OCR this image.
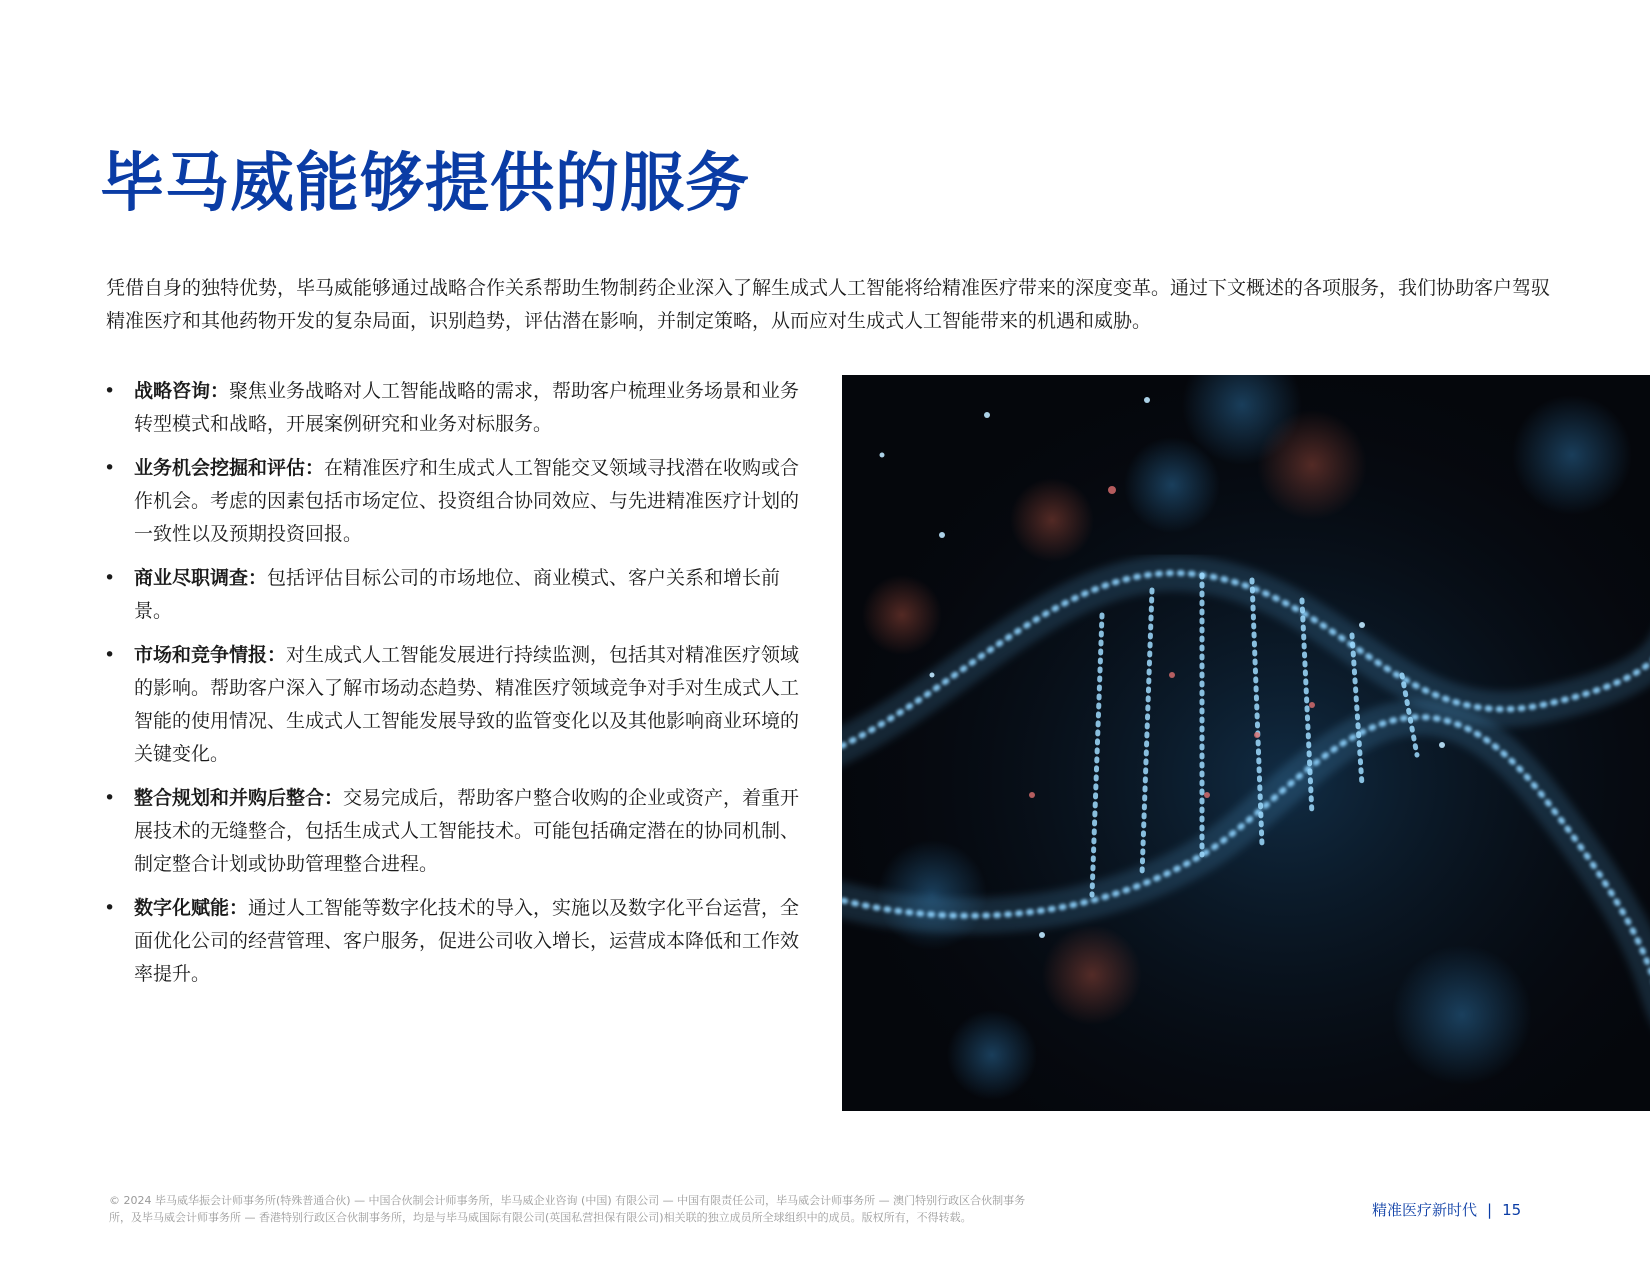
毕马威能够提供的服务

凭借自身的独特优势，毕马威能够通过战略合作关系帮助生物制药企业深入了解生成式人工智能将给精准医疗带来的深度变革。通过下文概述的各项服务，我们协助客户驾驭精准医疗和其他药物开发的复杂局面，识别趋势，评估潜在影响，并制定策略，从而应对生成式人工智能带来的机遇和威胁。

• 战略咨询：聚焦业务战略对人工智能战略的需求，帮助客户梳理业务场景和业务转型模式和战略，开展案例研究和业务对标服务。
• 业务机会挖掘和评估：在精准医疗和生成式人工智能交叉领域寻找潜在收购或合作机会。考虑的因素包括市场定位、投资组合协同效应、与先进精准医疗计划的一致性以及预期投资回报。
• 商业尽职调查：包括评估目标公司的市场地位、商业模式、客户关系和增长前景。
• 市场和竞争情报：对生成式人工智能发展进行持续监测，包括其对精准医疗领域的影响。帮助客户深入了解市场动态趋势、精准医疗领域竞争对手对生成式人工智能的使用情况、生成式人工智能发展导致的监管变化以及其他影响商业环境的关键变化。
• 整合规划和并购后整合：交易完成后，帮助客户整合收购的企业或资产，着重开展技术的无缝整合，包括生成式人工智能技术。可能包括确定潜在的协同机制、制定整合计划或协助管理整合进程。
• 数字化赋能：通过人工智能等数字化技术的导入，实施以及数字化平台运营，全面优化公司的经营管理、客户服务，促进公司收入增长，运营成本降低和工作效率提升。

© 2024 毕马威华振会计师事务所(特殊普通合伙) — 中国合伙制会计师事务所，毕马威企业咨询 (中国) 有限公司 — 中国有限责任公司，毕马威会计师事务所 — 澳门特别行政区合伙制事务所，及毕马威会计师事务所 — 香港特别行政区合伙制事务所，均是与毕马威国际有限公司(英国私营担保有限公司)相关联的独立成员所全球组织中的成员。版权所有，不得转载。	精准医疗新时代 | 15
